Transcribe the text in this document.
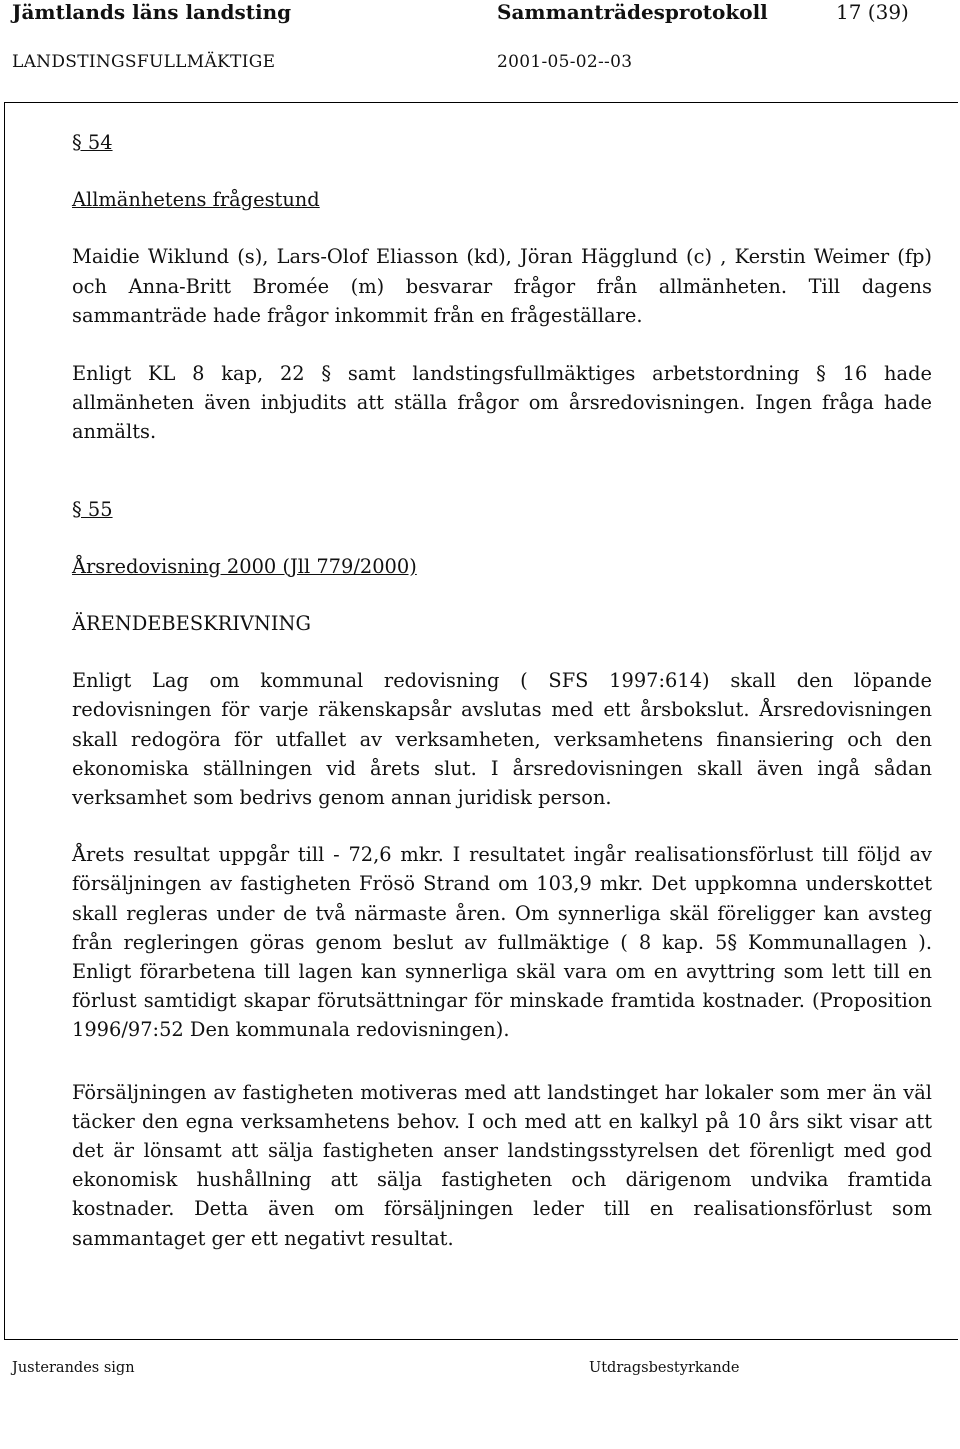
Jämtlands läns landsting	Sammanträdesprotokoll	17 (39)
LANDSTINGSFULLMÄKTIGE	2001-05-02--03

§ 54

Allmänhetens frågestund

Maidie Wiklund (s), Lars-Olof Eliasson (kd), Jöran Hägglund (c) , Kerstin Weimer (fp) och Anna-Britt Bromée (m) besvarar frågor från allmänheten. Till dagens sammanträde hade frågor inkommit från en frågeställare.

Enligt KL 8 kap, 22 § samt landstingsfullmäktiges arbetstordning § 16 hade allmänheten även inbjudits att ställa frågor om årsredovisningen. Ingen fråga hade anmälts.

§ 55

Årsredovisning 2000 (Jll 779/2000)

ÄRENDEBESKRIVNING

Enligt Lag om kommunal redovisning ( SFS 1997:614) skall den löpande redovisningen för varje räkenskapsår avslutas med ett årsbokslut. Årsredovisningen skall redogöra för utfallet av verksamheten, verksamhetens finansiering och den ekonomiska ställningen vid årets slut. I årsredovisningen skall även ingå sådan verksamhet som bedrivs genom annan juridisk person.

Årets resultat uppgår till - 72,6 mkr. I resultatet ingår realisationsförlust till följd av försäljningen av fastigheten Frösö Strand om 103,9 mkr. Det uppkomna underskottet skall regleras under de två närmaste åren. Om synnerliga skäl föreligger kan avsteg från regleringen göras genom beslut av fullmäktige ( 8 kap. 5§ Kommunallagen ). Enligt förarbetena till lagen kan synnerliga skäl vara om en avyttring som lett till en förlust samtidigt skapar förutsättningar för minskade framtida kostnader. (Proposition 1996/97:52 Den kommunala redovisningen).

Försäljningen av fastigheten motiveras med att landstinget har lokaler som mer än väl täcker den egna verksamhetens behov. I och med att en kalkyl på 10 års sikt visar att det är lönsamt att sälja fastigheten anser landstingsstyrelsen det förenligt med god ekonomisk hushållning att sälja fastigheten och därigenom undvika framtida kostnader. Detta även om försäljningen leder till en realisationsförlust som sammantaget ger ett negativt resultat.

Justerandes sign	Utdragsbestyrkande
